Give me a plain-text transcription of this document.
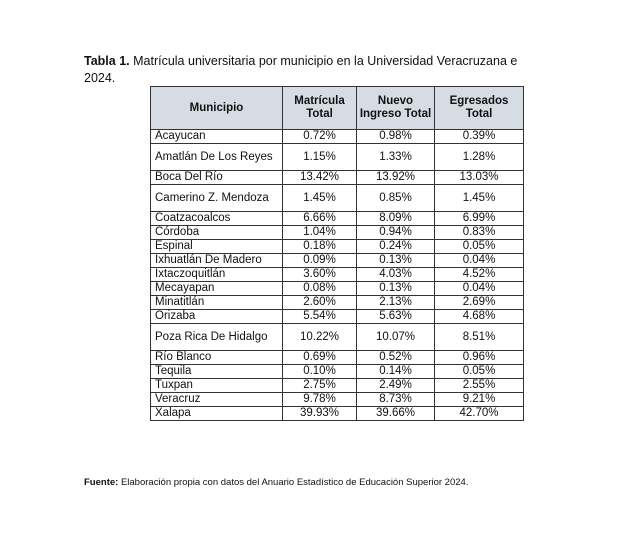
Tabla 1. Matrícula universitaria por municipio en la Universidad Veracruzana e
2024.
Municipio	Matrícula Total	Nuevo Ingreso Total	Egresados Total
Acayucan	0.72%	0.98%	0.39%
Amatlán De Los Reyes	1.15%	1.33%	1.28%
Boca Del Río	13.42%	13.92%	13.03%
Camerino Z. Mendoza	1.45%	0.85%	1.45%
Coatzacoalcos	6.66%	8.09%	6.99%
Córdoba	1.04%	0.94%	0.83%
Espinal	0.18%	0.24%	0.05%
Ixhuatlán De Madero	0.09%	0.13%	0.04%
Ixtaczoquitlán	3.60%	4.03%	4.52%
Mecayapan	0.08%	0.13%	0.04%
Minatitlán	2.60%	2.13%	2.69%
Orizaba	5.54%	5.63%	4.68%
Poza Rica De Hidalgo	10.22%	10.07%	8.51%
Río Blanco	0.69%	0.52%	0.96%
Tequila	0.10%	0.14%	0.05%
Tuxpan	2.75%	2.49%	2.55%
Veracruz	9.78%	8.73%	9.21%
Xalapa	39.93%	39.66%	42.70%
Fuente: Elaboración propia con datos del Anuario Estadístico de Educación Superior 2024.
